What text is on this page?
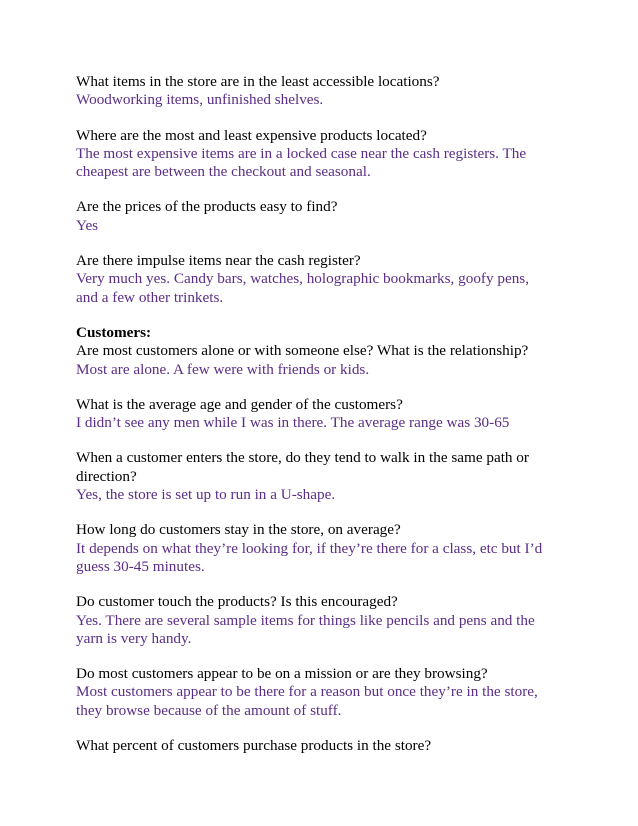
What items in the store are in the least accessible locations?
Woodworking items, unfinished shelves.
Where are the most and least expensive products located?
The most expensive items are in a locked case near the cash registers. The
cheapest are between the checkout and seasonal.
Are the prices of the products easy to find?
Yes
Are there impulse items near the cash register?
Very much yes. Candy bars, watches, holographic bookmarks, goofy pens,
and a few other trinkets.
Customers:
Are most customers alone or with someone else? What is the relationship?
Most are alone. A few were with friends or kids.
What is the average age and gender of the customers?
I didn’t see any men while I was in there. The average range was 30-65
When a customer enters the store, do they tend to walk in the same path or
direction?
Yes, the store is set up to run in a U-shape.
How long do customers stay in the store, on average?
It depends on what they’re looking for, if they’re there for a class, etc but I’d
guess 30-45 minutes.
Do customer touch the products? Is this encouraged?
Yes. There are several sample items for things like pencils and pens and the
yarn is very handy.
Do most customers appear to be on a mission or are they browsing?
Most customers appear to be there for a reason but once they’re in the store,
they browse because of the amount of stuff.
What percent of customers purchase products in the store?
